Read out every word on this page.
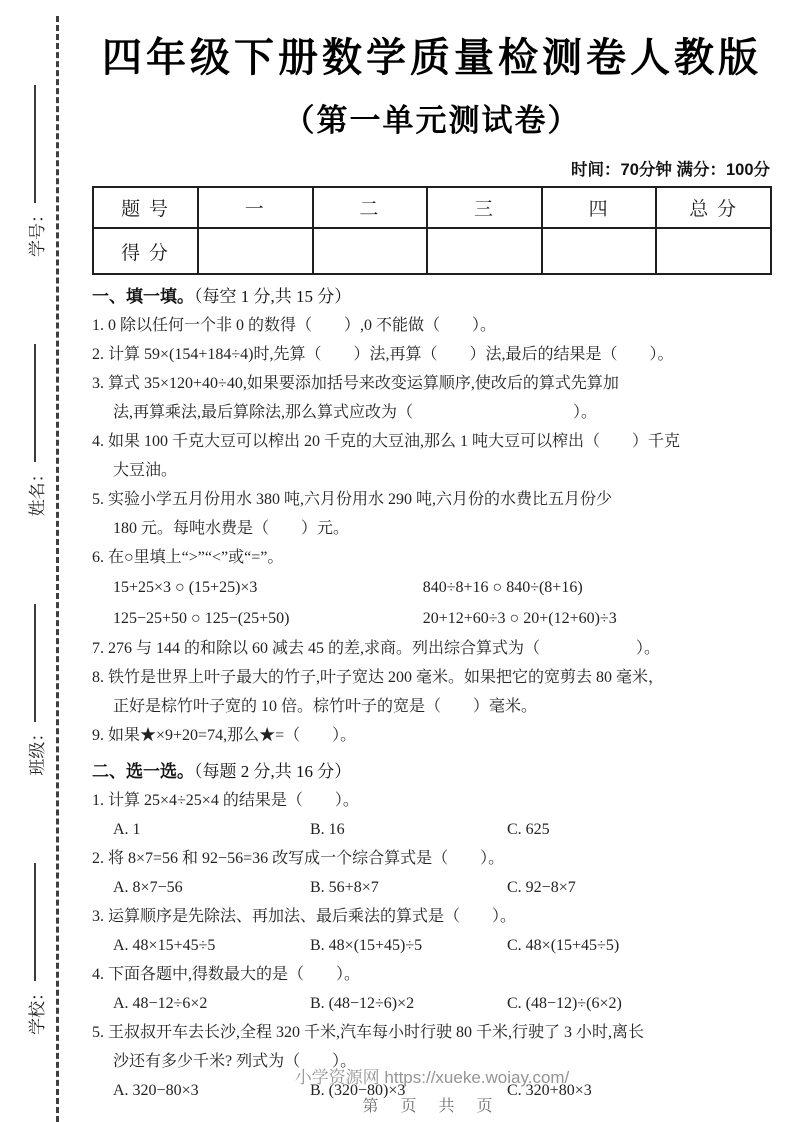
学校：
班级：
姓名：
学号：
四年级下册数学质量检测卷人教版
（第一单元测试卷）
时间：70分钟 满分：100分
题 号	一	二	三	四	总 分
得 分					
一、填一填。（每空 1 分,共 15 分）
1. 0 除以任何一个非 0 的数得（　　）,0 不能做（　　）。
2. 计算 59×(154+184÷4)时,先算（　　）法,再算（　　）法,最后的结果是（　　）。
3. 算式 35×120+40÷40,如果要添加括号来改变运算顺序,使改后的算式先算加
法,再算乘法,最后算除法,那么算式应改为（　　　　　　　　　　）。
4. 如果 100 千克大豆可以榨出 20 千克的大豆油,那么 1 吨大豆可以榨出（　　）千克
大豆油。
5. 实验小学五月份用水 380 吨,六月份用水 290 吨,六月份的水费比五月份少
180 元。每吨水费是（　　）元。
6. 在○里填上“>”“<”或“=”。
15+25×3 ○ (15+25)×3	840÷8+16 ○ 840÷(8+16)
125−25+50 ○ 125−(25+50)	20+12+60÷3 ○ 20+(12+60)÷3
7. 276 与 144 的和除以 60 减去 45 的差,求商。列出综合算式为（　　　　　　）。
8. 铁竹是世界上叶子最大的竹子,叶子宽达 200 毫米。如果把它的宽剪去 80 毫米，
正好是棕竹叶子宽的 10 倍。棕竹叶子的宽是（　　）毫米。
9. 如果★×9+20=74,那么★=（　　）。
二、选一选。（每题 2 分,共 16 分）
1. 计算 25×4÷25×4 的结果是（　　）。
A. 1	B. 16	C. 625
2. 将 8×7=56 和 92−56=36 改写成一个综合算式是（　　）。
A. 8×7−56	B. 56+8×7	C. 92−8×7
3. 运算顺序是先除法、再加法、最后乘法的算式是（　　）。
A. 48×15+45÷5	B. 48×(15+45)÷5	C. 48×(15+45÷5)
4. 下面各题中,得数最大的是（　　）。
A. 48−12÷6×2	B. (48−12÷6)×2	C. (48−12)÷(6×2)
5. 王叔叔开车去长沙,全程 320 千米,汽车每小时行驶 80 千米,行驶了 3 小时,离长
沙还有多少千米? 列式为（　　）。
A. 320−80×3	B. (320−80)×3	C. 320+80×3
小学资源网 https://xueke.woiay.com/
第 页 共 页
